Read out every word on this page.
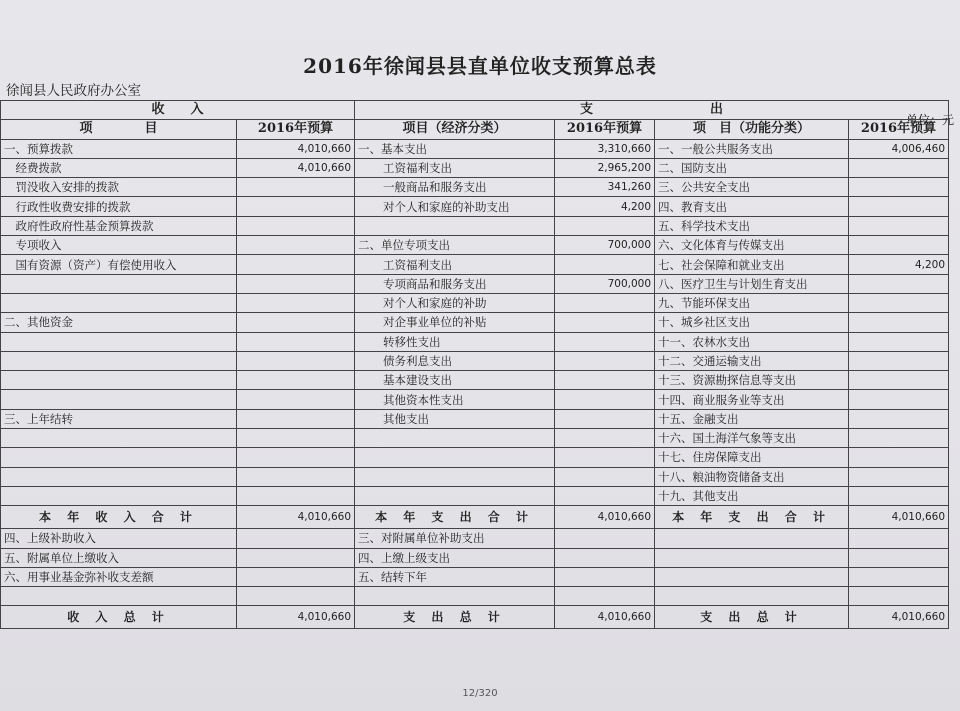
2016年徐闻县县直单位收支预算总表
徐闻县人民政府办公室
单位：元
收　　入		支　　　　　　　　　出			
项　　　　目	2016年预算	项目（经济分类）	2016年预算	项　目（功能分类）	2016年预算
一、预算拨款	4,010,660	一、基本支出	3,310,660	一、一般公共服务支出	4,006,460
　经费拨款	4,010,660	工资福利支出	2,965,200	二、国防支出	
　罚没收入安排的拨款		一般商品和服务支出	341,260	三、公共安全支出	
　行政性收费安排的拨款		对个人和家庭的补助支出	4,200	四、教育支出	
　政府性政府性基金预算拨款				五、科学技术支出	
　专项收入		二、单位专项支出	700,000	六、文化体育与传媒支出	
　国有资源（资产）有偿使用收入		工资福利支出		七、社会保障和就业支出	4,200
		专项商品和服务支出	700,000	八、医疗卫生与计划生育支出	
		对个人和家庭的补助		九、节能环保支出	
二、其他资金		对企事业单位的补贴		十、城乡社区支出	
		转移性支出		十一、农林水支出	
		债务利息支出		十二、交通运输支出	
		基本建设支出		十三、资源勘探信息等支出	
		其他资本性支出		十四、商业服务业等支出	
三、上年结转		其他支出		十五、金融支出	
				十六、国土海洋气象等支出	
				十七、住房保障支出	
				十八、粮油物资储备支出	
				十九、其他支出	
本 年 收 入 合 计	4,010,660	本 年 支 出 合 计	4,010,660	本 年 支 出 合 计	4,010,660
四、上级补助收入		三、对附属单位补助支出			
五、附属单位上缴收入		四、上缴上级支出			
六、用事业基金弥补收支差额		五、结转下年			

收 入 总 计	4,010,660	支 出 总 计	4,010,660	支 出 总 计	4,010,660
12/320
